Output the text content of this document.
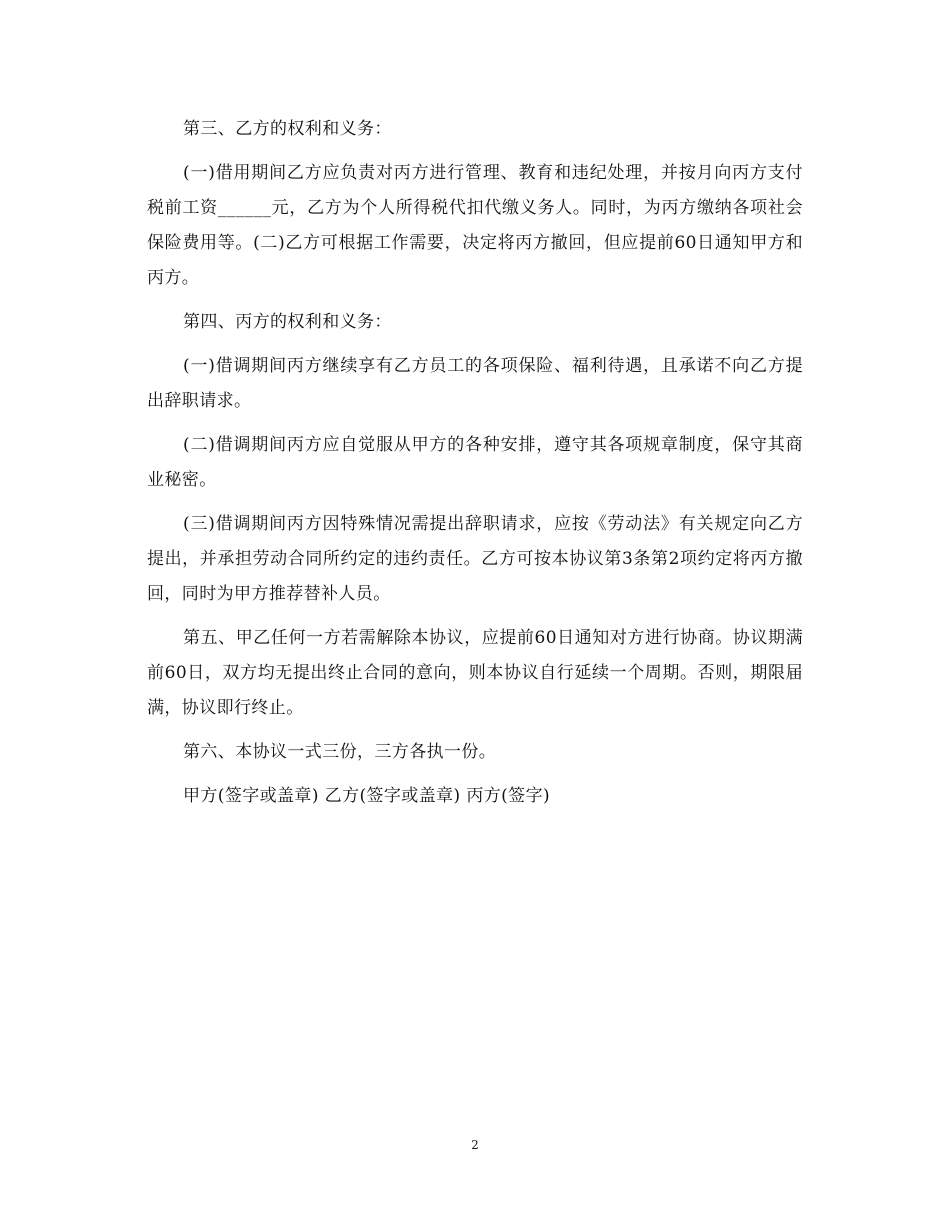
第三、乙方的权利和义务：

(一)借用期间乙方应负责对丙方进行管理、教育和违纪处理，并按月向丙方支付税前工资______元，乙方为个人所得税代扣代缴义务人。同时，为丙方缴纳各项社会保险费用等。(二)乙方可根据工作需要，决定将丙方撤回，但应提前60日通知甲方和丙方。

第四、丙方的权利和义务：

(一)借调期间丙方继续享有乙方员工的各项保险、福利待遇，且承诺不向乙方提出辞职请求。

(二)借调期间丙方应自觉服从甲方的各种安排，遵守其各项规章制度，保守其商业秘密。

(三)借调期间丙方因特殊情况需提出辞职请求，应按《劳动法》有关规定向乙方提出，并承担劳动合同所约定的违约责任。乙方可按本协议第3条第2项约定将丙方撤回，同时为甲方推荐替补人员。

第五、甲乙任何一方若需解除本协议，应提前60日通知对方进行协商。协议期满前60日，双方均无提出终止合同的意向，则本协议自行延续一个周期。否则，期限届满，协议即行终止。

第六、本协议一式三份，三方各执一份。

甲方(签字或盖章) 乙方(签字或盖章) 丙方(签字)

2
